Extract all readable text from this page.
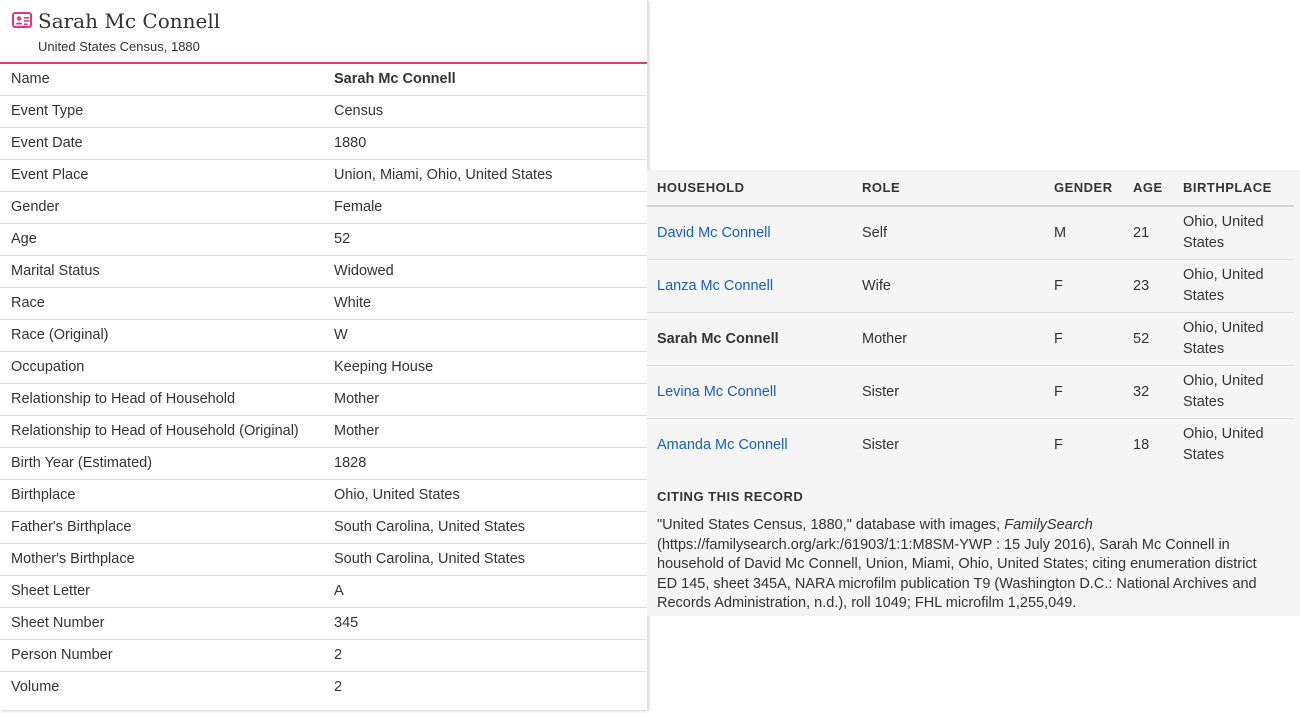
Sarah Mc Connell
United States Census, 1880
Name	Sarah Mc Connell
Event Type	Census
Event Date	1880
Event Place	Union, Miami, Ohio, United States
Gender	Female
Age	52
Marital Status	Widowed
Race	White
Race (Original)	W
Occupation	Keeping House
Relationship to Head of Household	Mother
Relationship to Head of Household (Original) Mother
Birth Year (Estimated)	1828
Birthplace	Ohio, United States
Father's Birthplace	South Carolina, United States
Mother's Birthplace	South Carolina, United States
Sheet Letter	A
Sheet Number	345
Person Number	2
Volume	2
HOUSEHOLD	ROLE	GENDER	AGE	BIRTHPLACE
David Mc Connell	Self	M	21	Ohio, United States
Lanza Mc Connell	Wife	F	23	Ohio, United States
Sarah Mc Connell	Mother	F	52	Ohio, United States
Levina Mc Connell	Sister	F	32	Ohio, United States
Amanda Mc Connell	Sister	F	18	Ohio, United States
CITING THIS RECORD
"United States Census, 1880," database with images, FamilySearch (https://familysearch.org/ark:/61903/1:1:M8SM-YWP : 15 July 2016), Sarah Mc Connell in household of David Mc Connell, Union, Miami, Ohio, United States; citing enumeration district ED 145, sheet 345A, NARA microfilm publication T9 (Washington D.C.: National Archives and Records Administration, n.d.), roll 1049; FHL microfilm 1,255,049.
